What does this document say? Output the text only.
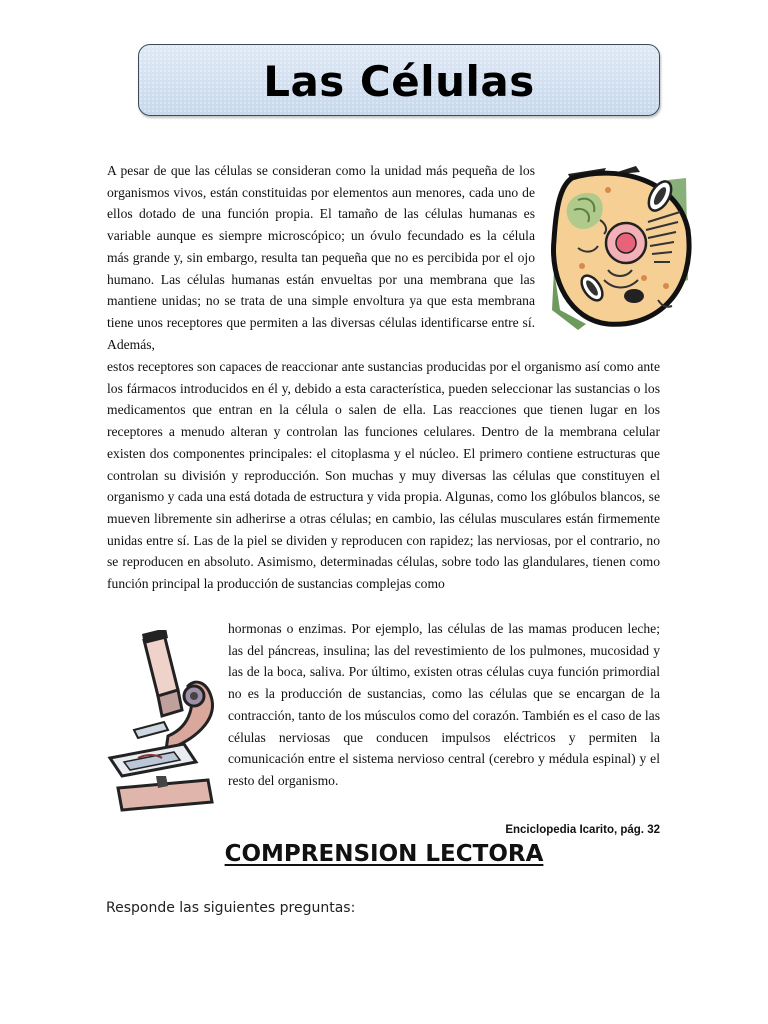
Las Células

A pesar de que las células se consideran como la unidad más pequeña de los organismos vivos, están constituidas por elementos aun menores, cada uno de ellos dotado de una función propia. El tamaño de las células humanas es variable aunque es siempre microscópico; un óvulo fecundado es la célula más grande y, sin embargo, resulta tan pequeña que no es percibida por el ojo humano. Las células humanas están envueltas por una membrana que las mantiene unidas; no se trata de una simple envoltura ya que esta membrana tiene unos receptores que permiten a las diversas células identificarse entre sí. Además,

estos receptores son capaces de reaccionar ante sustancias producidas por el organismo así como ante los fármacos introducidos en él y, debido a esta característica, pueden seleccionar las sustancias o los medicamentos que entran en la célula o salen de ella. Las reacciones que tienen lugar en los receptores a menudo alteran y controlan las funciones celulares. Dentro de la membrana celular existen dos componentes principales: el citoplasma y el núcleo. El primero contiene estructuras que controlan su división y reproducción. Son muchas y muy diversas las células que constituyen el organismo y cada una está dotada de estructura y vida propia. Algunas, como los glóbulos blancos, se mueven libremente sin adherirse a otras células; en cambio, las células musculares están firmemente unidas entre sí. Las de la piel se dividen y reproducen con rapidez; las nerviosas, por el contrario, no se reproducen en absoluto. Asimismo, determinadas células, sobre todo las glandulares, tienen como función principal la producción de sustancias complejas como

hormonas o enzimas. Por ejemplo, las células de las mamas producen leche; las del páncreas, insulina; las del revestimiento de los pulmones, mucosidad y las de la boca, saliva. Por último, existen otras células cuya función primordial no es la producción de sustancias, como las células que se encargan de la contracción, tanto de los músculos como del corazón. También es el caso de las células nerviosas que conducen impulsos eléctricos y permiten la comunicación entre el sistema nervioso central (cerebro y médula espinal) y el resto del organismo.

Enciclopedia Icarito, pág. 32
COMPRENSION LECTORA
Responde las siguientes preguntas:
